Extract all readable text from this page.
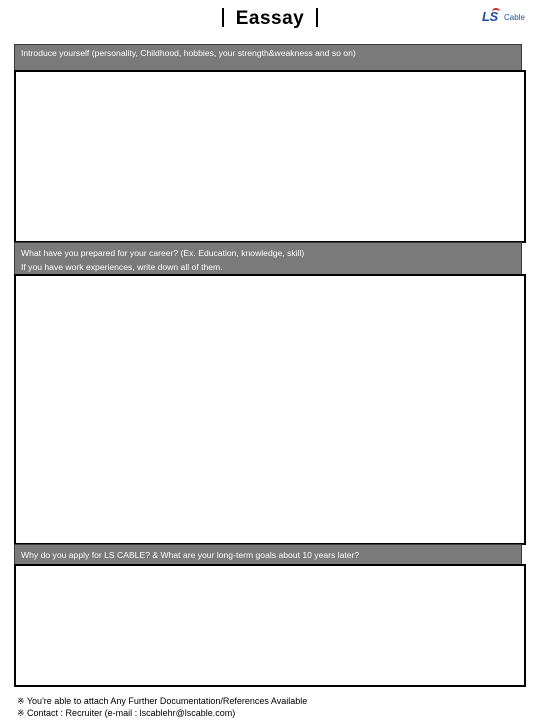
Eassay	LS Cable
Introduce yourself (personality, Childhood, hobbies, your strength&weakness and so on)
What have you prepared for your career? (Ex. Education, knowledge, skill)
If you have work experiences, write down all of them.
Why do you apply for LS CABLE? & What are your long-term goals about 10 years later?
※ You're able to attach Any Further Documentation/References Available
※ Contact : Recruiter (e-mail : lscablehr@lscable.com)
